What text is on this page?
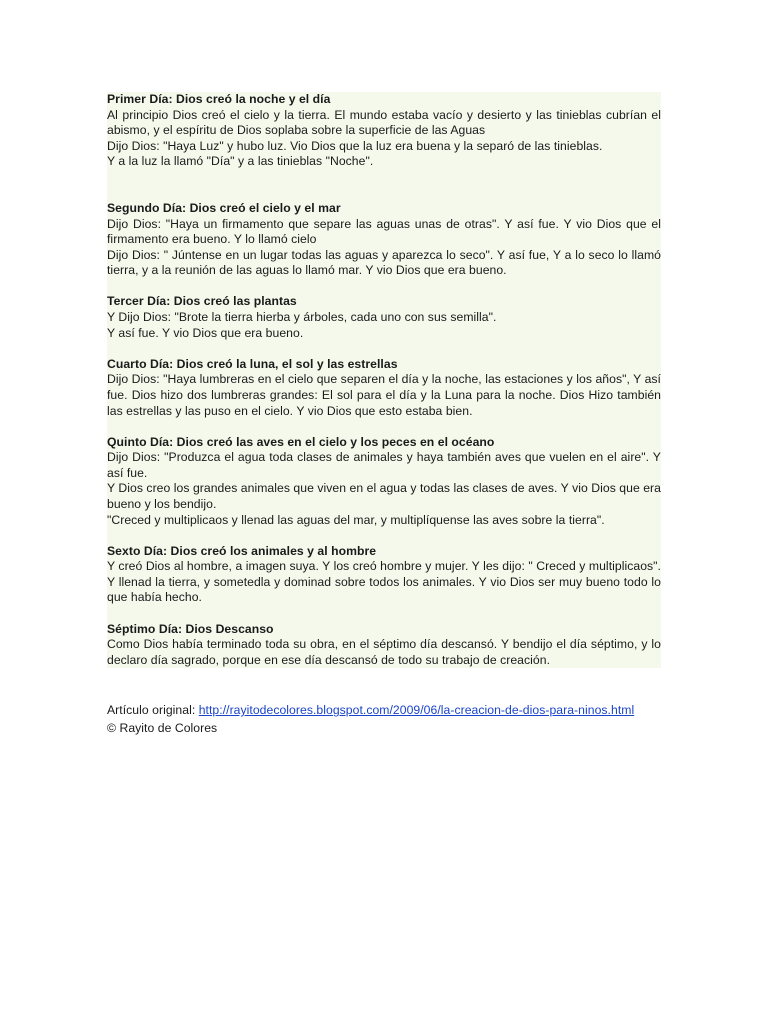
Primer Día: Dios creó la noche y el día
Al principio Dios creó el cielo y la tierra. El mundo estaba vacío y desierto y las tinieblas cubrían el abismo, y el espíritu de Dios soplaba sobre la superficie de las Aguas
Dijo Dios: "Haya Luz" y hubo luz. Vio Dios que la luz era buena y la separó de las tinieblas.
Y a la luz la llamó "Día" y a las tinieblas "Noche".
Segundo Día: Dios creó el cielo y el mar
Dijo Dios: "Haya un firmamento que separe las aguas unas de otras". Y así fue. Y vio Dios que el firmamento era bueno. Y lo llamó cielo
Dijo Dios: " Júntense en un lugar todas las aguas y aparezca lo seco". Y así fue, Y a lo seco lo llamó tierra, y a la reunión de las aguas lo llamó mar. Y vio Dios que era bueno.
Tercer Día: Dios creó las plantas
Y Dijo Dios: "Brote la tierra hierba y árboles, cada uno con sus semilla".
Y así fue. Y vio Dios que era bueno.
Cuarto Día: Dios creó la luna, el sol y las estrellas
Dijo Dios: "Haya lumbreras en el cielo que separen el día y la noche, las estaciones y los años", Y así fue. Dios hizo dos lumbreras grandes: El sol para el día y la Luna para la noche. Dios Hizo también las estrellas y las puso en el cielo. Y vio Dios que esto estaba bien.
Quinto Día: Dios creó las aves en el cielo y los peces en el océano
Dijo Dios: "Produzca el agua toda clases de animales y haya también aves que vuelen en el aire". Y así fue.
Y Dios creo los grandes animales que viven en el agua y todas las clases de aves. Y vio Dios que era bueno y los bendijo.
"Creced y multiplicaos y llenad las aguas del mar, y multiplíquense las aves sobre la tierra".
Sexto Día: Dios creó los animales y al hombre
Y creó Dios al hombre, a imagen suya. Y los creó hombre y mujer. Y les dijo: " Creced y multiplicaos". Y llenad la tierra, y sometedla y dominad sobre todos los animales. Y vio Dios ser muy bueno todo lo que había hecho.
Séptimo Día: Dios Descanso
Como Dios había terminado toda su obra, en el séptimo día descansó. Y bendijo el día séptimo, y lo declaro día sagrado, porque en ese día descansó de todo su trabajo de creación.
Artículo original: http://rayitodecolores.blogspot.com/2009/06/la-creacion-de-dios-para-ninos.html
© Rayito de Colores
